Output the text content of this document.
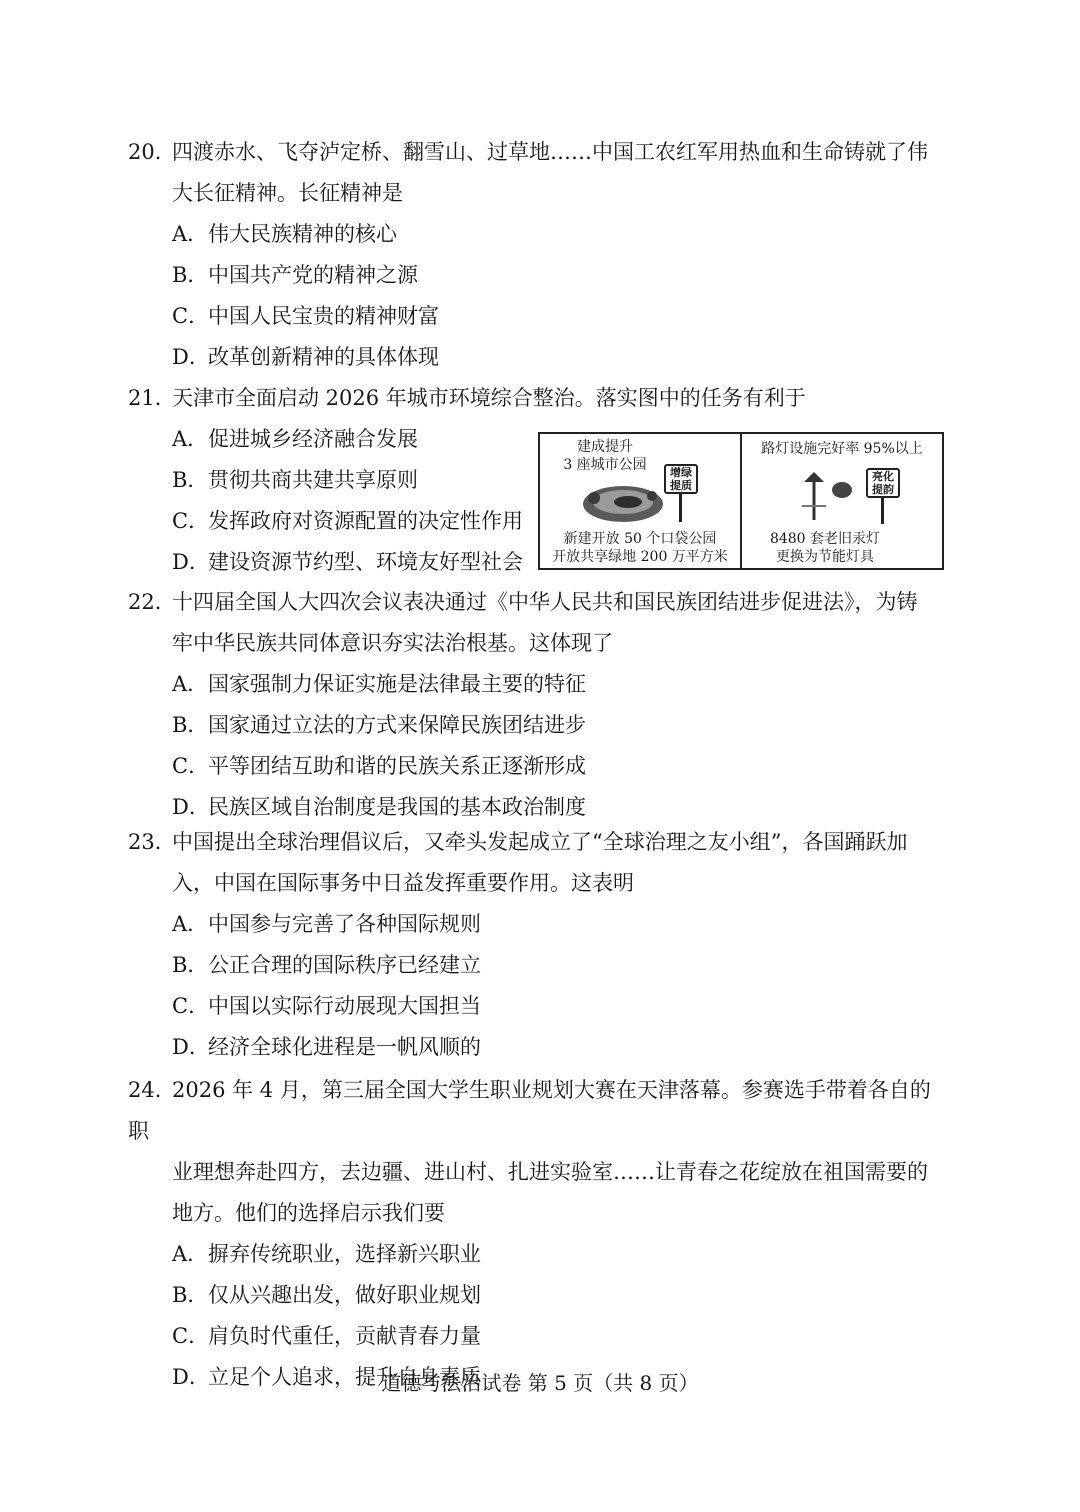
20．四渡赤水、飞夺泸定桥、翻雪山、过草地……中国工农红军用热血和生命铸就了伟
大长征精神。长征精神是

A．伟大民族精神的核心

B．中国共产党的精神之源

C．中国人民宝贵的精神财富

D．改革创新精神的具体体现

21．天津市全面启动 2026 年城市环境综合整治。落实图中的任务有利于

A．促进城乡经济融合发展

B．贯彻共商共建共享原则

C．发挥政府对资源配置的决定性作用

D．建设资源节约型、环境友好型社会

建成提升
3 座城市公园	增绿提质
新建开放 50 个口袋公园
开放共享绿地 200 万平方米
路灯设施完好率 95%以上
亮化提韵
8480 套老旧汞灯
更换为节能灯具

22．十四届全国人大四次会议表决通过《中华人民共和国民族团结进步促进法》，为铸
牢中华民族共同体意识夯实法治根基。这体现了

A．国家强制力保证实施是法律最主要的特征

B．国家通过立法的方式来保障民族团结进步

C．平等团结互助和谐的民族关系正逐渐形成

D．民族区域自治制度是我国的基本政治制度

23．中国提出全球治理倡议后，又牵头发起成立了“全球治理之友小组”，各国踊跃加
入，中国在国际事务中日益发挥重要作用。这表明

A．中国参与完善了各种国际规则

B．公正合理的国际秩序已经建立

C．中国以实际行动展现大国担当

D．经济全球化进程是一帆风顺的

24．2026 年 4 月，第三届全国大学生职业规划大赛在天津落幕。参赛选手带着各自的职
业理想奔赴四方，去边疆、进山村、扎进实验室……让青春之花绽放在祖国需要的
地方。他们的选择启示我们要

A．摒弃传统职业，选择新兴职业

B．仅从兴趣出发，做好职业规划

C．肩负时代重任，贡献青春力量

D．立足个人追求，提升自身素质

道德与法治试卷 第 5 页（共 8 页）
